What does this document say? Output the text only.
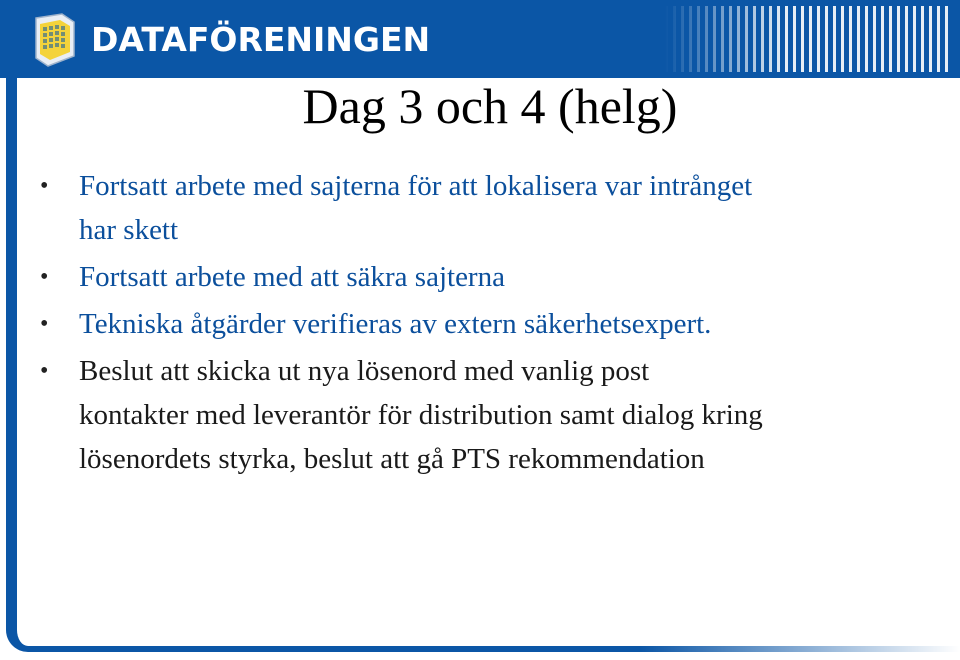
DATAFÖRENINGEN
Dag 3 och 4 (helg)
• Fortsatt arbete med sajterna för att lokalisera var intrånget
har skett
• Fortsatt arbete med att säkra sajterna
• Tekniska åtgärder verifieras av extern säkerhetsexpert.
• Beslut att skicka ut nya lösenord med vanlig post
kontakter med leverantör för distribution samt dialog kring
lösenordets styrka, beslut att gå PTS rekommendation
